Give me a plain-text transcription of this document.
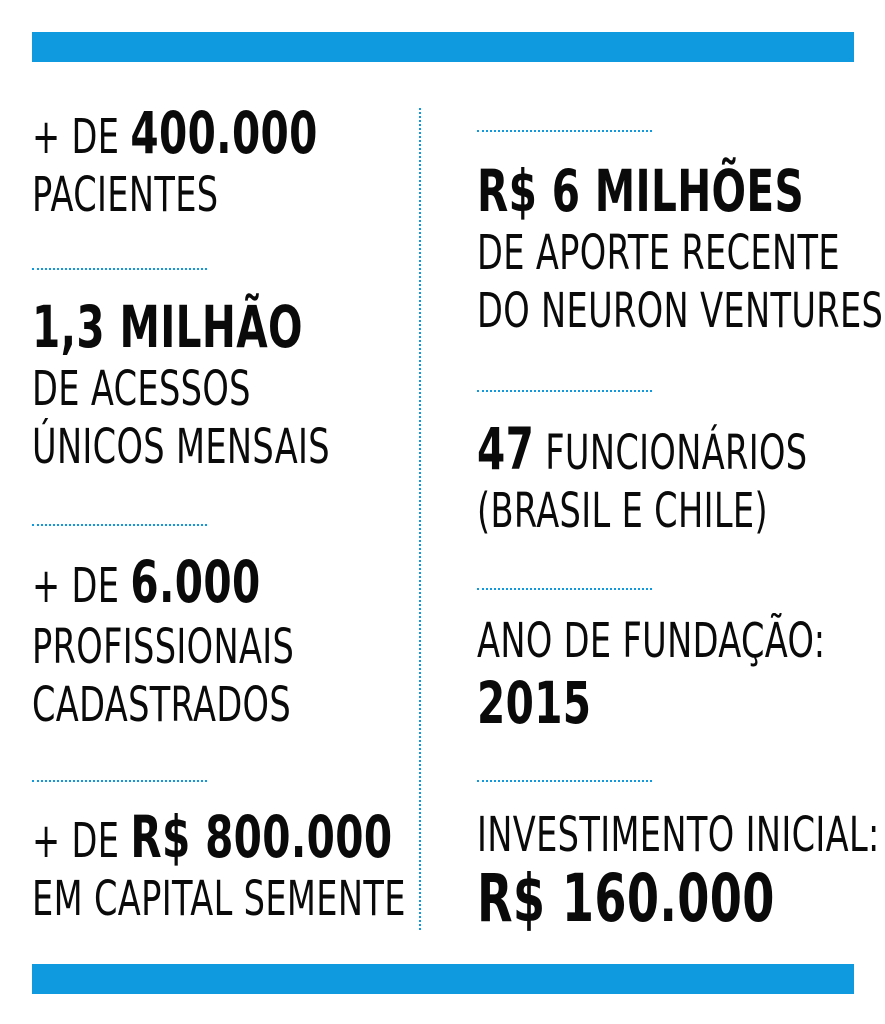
+ DE 400.000
PACIENTES
1,3 MILHÃO
DE ACESSOS
ÚNICOS MENSAIS
+ DE 6.000
PROFISSIONAIS
CADASTRADOS
+ DE R$ 800.000
EM CAPITAL SEMENTE
R$ 6 MILHÕES
DE APORTE RECENTE
DO NEURON VENTURES
47 FUNCIONÁRIOS
(BRASIL E CHILE)
ANO DE FUNDAÇÃO:
2015
INVESTIMENTO INICIAL:
R$ 160.000
